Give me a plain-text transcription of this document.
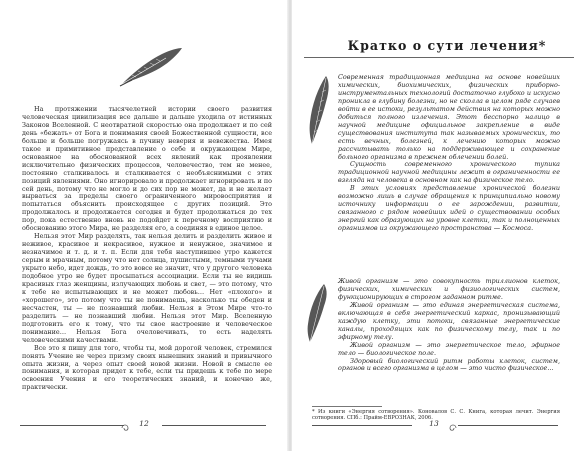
На протяжении тысячелетней истории своего развития человеческая цивилизация все дальше и дальше уходила от истинных Законов Вселенной. С неотвратной скоростью она продолжает и по сей день «бежать» от Бога и понимания своей Божественной сущности, все больше и больше погружаясь в пучину неверия и невежества. Имея такое и примитивное представление о себе и окружающем Мире, основанное на обоснованной всех явлений как проявлении исключительно физических процессов, человечество, тем не менее, постоянно сталкивалось и сталкивается с необъяснимыми с этих позиций явлениями. Оно игнорировало и продолжает игнорировать и по сей день, потому что не могло и до сих пор не может, да и не желает вырваться за пределы своего ограниченного мировосприятия и попытаться объяснить происходящее с других позиций. Это продолжалось и продолжается сегодня и будет продолжаться до тех пор, пока естественно вновь не подойдет к перечному восприятию и обоснованию этого Мира, не разделяя его, а соединяя в единое целое.

Нельзя этот Мир разделять, так нельзя делить и разделить живое и неживое, красивое и некрасивое, нужное и ненужное, значимое и незначимое и т. д. и т. п. Если для тебя наступившее утро кажется серым и мрачным, потому что нет солнца, пушистыми, темными тучами укрыто небо, идет дождь, то это вовсе не значит, что у другого человека подобное утро не будет просыпаться ассоциации. Если ты не видишь красивых глаз женщины, излучающих любовь и свет, — это потому, что к тебе не испытывающих и не может любовь… Нет «плохого» и «хорошего», это потому что ты не понимаешь, насколько ты обеден и несчастен, ты — не познавший любви. Нельзя в Этом Мире что-то разделить — не познавший любви. Нельзя этот Мир. Вселенную подготовить его к тому, что ты свое настроение и человеческое понимание… Нельзя Бога очеловечивать, то есть наделять человеческими качествами.

Все это я пишу для того, чтобы ты, мой дорогой человек, стремился понять Учение не через призму своих нынешних знаний и привычного опыта жизни, а через опыт своей новой жизни. Новой в смысле ее понимания, и которая придет к тебе, если ты придешь к тебе по мере освоения Учения и его теоретических знаний, и конечно же, практически.

12
Кратко о сути лечения*

Современная традиционная медицина на основе новейших химических, биохимических, физических приборно-инструментальных технологий достаточно глубоко и искусно проникла в глубину болезни, но не сколла в целом ряде случаев войти в ее истоки, результатом действия на которых можно добиться полного излечения. Этот бесспорно налицо в научной медицине официальное закрепление в виде существования института так называемых хронических, то есть вечных, болезней, к лечению которых можно рассчитывать только на поддерживающее и сохранение больного организма в прежнем облечении болей.

Сущность современного хронического тупика традиционной научной медицины лежит в ограниченности ее взгляда на человека в основном как на физическое тело.

В этих условиях представление хронической болезни возможно лишь в случае обращения к принципиально новому источнику информации о ее зарождении, развитии, связанного с рядом новейших идей о существовании особых энергий как образующих на уровне клетки, так и полноценных организмов из окружающего пространства — Космоса.

Живой организм — это совокупность триллионов клеток, физических, химических и физиологических систем, функционирующих в строгом заданном ритме.

Живой организм — это единая энергетическая система, включающая в себя энергетический каркас, пронизывающий каждую клетку, эти потоки, связанные энергетические каналы, проходящих как по физическому телу, так и по эфирному телу.

Живой организм — это энергетическое тело, эфирное тело — биологическое поле.

Здоровый биологический ритм работы клеток, систем, органов и всего организма в целом — это чисто физическое...

* Из книги «Энергия сотворения». Коновалов С. С. Книга, которая лечит. Энергия сотворения. СПб.: Прайм-ЕВРОЗНАК, 2006.

13
